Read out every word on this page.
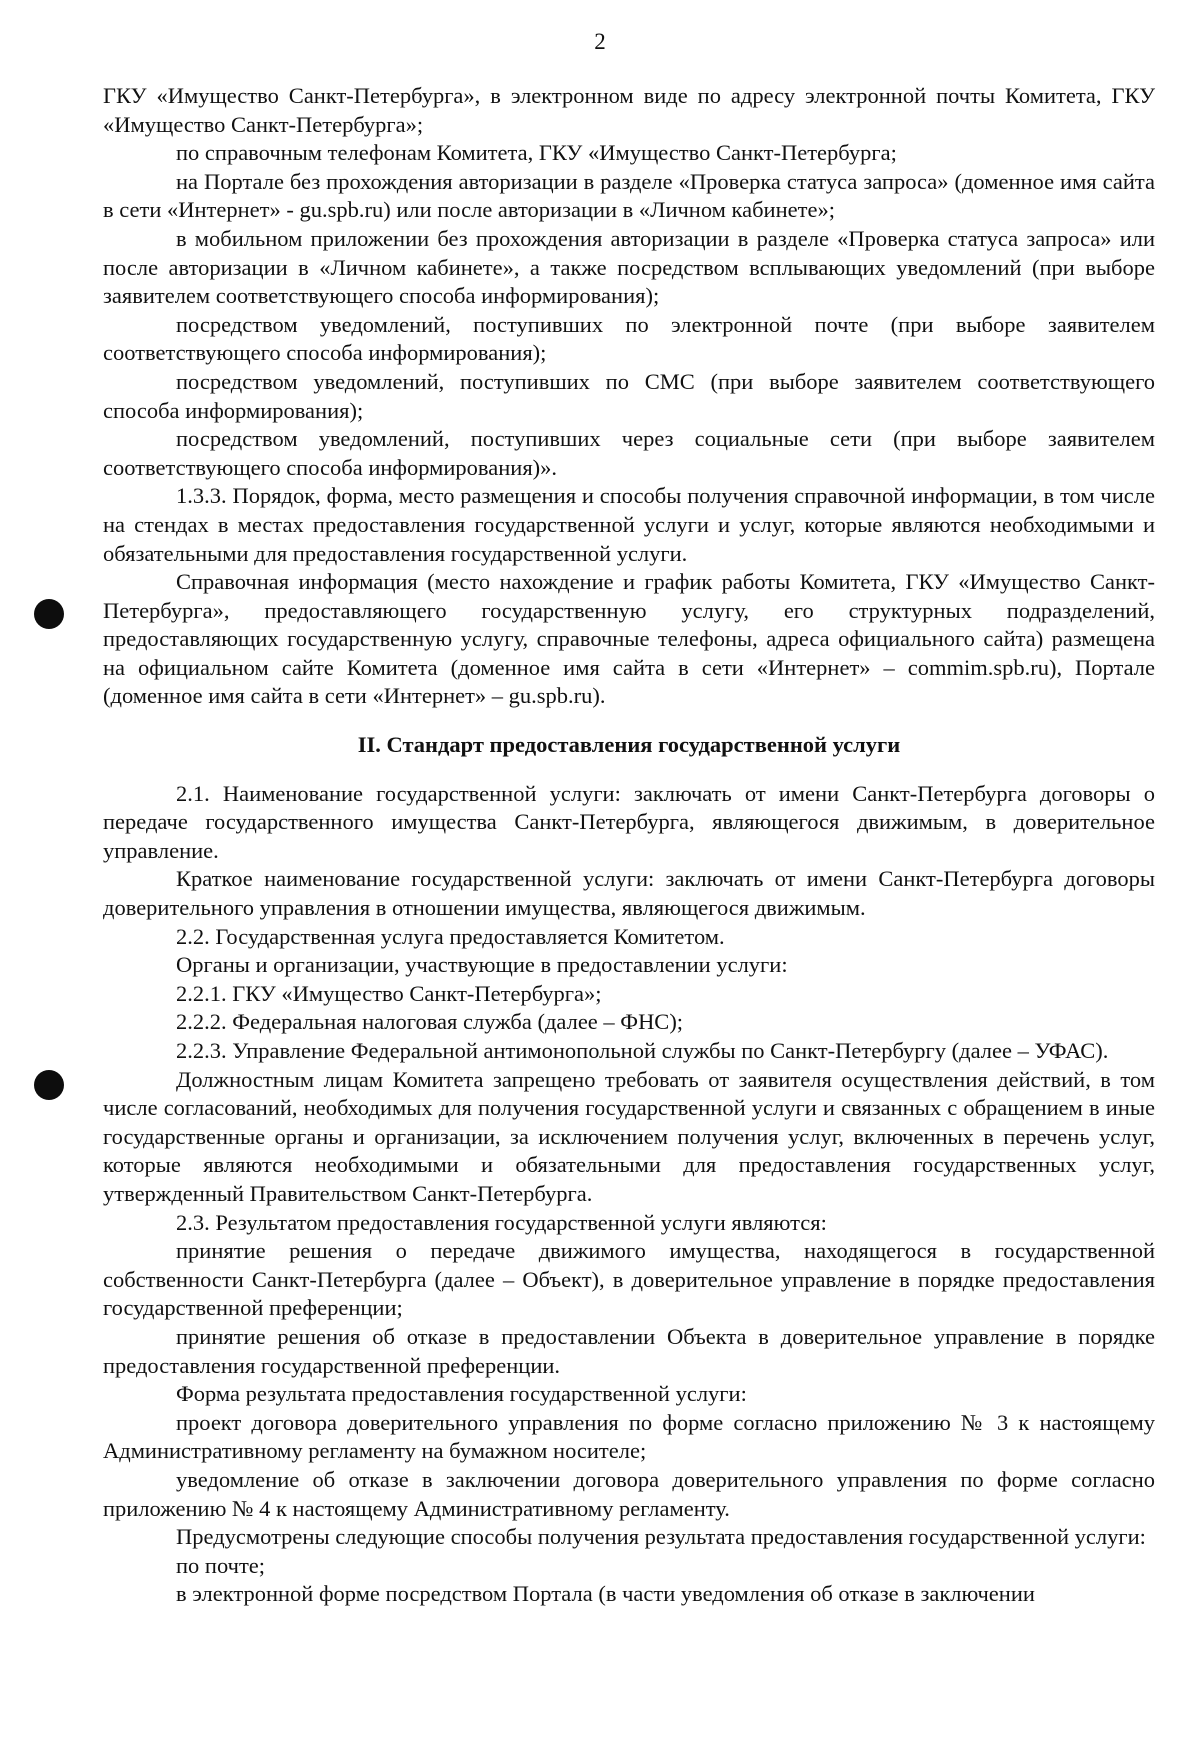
2

ГКУ «Имущество Санкт-Петербурга», в электронном виде по адресу электронной почты Комитета, ГКУ «Имущество Санкт-Петербурга»;

по справочным телефонам Комитета, ГКУ «Имущество Санкт-Петербурга;

на Портале без прохождения авторизации в разделе «Проверка статуса запроса» (доменное имя сайта в сети «Интернет» - gu.spb.ru) или после авторизации в «Личном кабинете»;

в мобильном приложении без прохождения авторизации в разделе «Проверка статуса запроса» или после авторизации в «Личном кабинете», а также посредством всплывающих уведомлений (при выборе заявителем соответствующего способа информирования);

посредством уведомлений, поступивших по электронной почте (при выборе заявителем соответствующего способа информирования);

посредством уведомлений, поступивших по СМС (при выборе заявителем соответствующего способа информирования);

посредством уведомлений, поступивших через социальные сети (при выборе заявителем соответствующего способа информирования)».

1.3.3. Порядок, форма, место размещения и способы получения справочной информации, в том числе на стендах в местах предоставления государственной услуги и услуг, которые являются необходимыми и обязательными для предоставления государственной услуги.

Справочная информация (место нахождение и график работы Комитета, ГКУ «Имущество Санкт-Петербурга», предоставляющего государственную услугу, его структурных подразделений, предоставляющих государственную услугу, справочные телефоны, адреса официального сайта) размещена на официальном сайте Комитета (доменное имя сайта в сети «Интернет» – commim.spb.ru), Портале (доменное имя сайта в сети «Интернет» – gu.spb.ru).

II. Стандарт предоставления государственной услуги

2.1. Наименование государственной услуги: заключать от имени Санкт-Петербурга договоры о передаче государственного имущества Санкт-Петербурга, являющегося движимым, в доверительное управление.

Краткое наименование государственной услуги: заключать от имени Санкт-Петербурга договоры доверительного управления в отношении имущества, являющегося движимым.

2.2. Государственная услуга предоставляется Комитетом.

Органы и организации, участвующие в предоставлении услуги:

2.2.1. ГКУ «Имущество Санкт-Петербурга»;

2.2.2. Федеральная налоговая служба (далее – ФНС);

2.2.3. Управление Федеральной антимонопольной службы по Санкт-Петербургу (далее – УФАС).

Должностным лицам Комитета запрещено требовать от заявителя осуществления действий, в том числе согласований, необходимых для получения государственной услуги и связанных с обращением в иные государственные органы и организации, за исключением получения услуг, включенных в перечень услуг, которые являются необходимыми и обязательными для предоставления государственных услуг, утвержденный Правительством Санкт-Петербурга.

2.3. Результатом предоставления государственной услуги являются:

принятие решения о передаче движимого имущества, находящегося в государственной собственности Санкт-Петербурга (далее – Объект), в доверительное управление в порядке предоставления государственной преференции;

принятие решения об отказе в предоставлении Объекта в доверительное управление в порядке предоставления государственной преференции.

Форма результата предоставления государственной услуги:

проект договора доверительного управления по форме согласно приложению № 3 к настоящему Административному регламенту на бумажном носителе;

уведомление об отказе в заключении договора доверительного управления по форме согласно приложению № 4 к настоящему Административному регламенту.

Предусмотрены следующие способы получения результата предоставления государственной услуги:

по почте;

в электронной форме посредством Портала (в части уведомления об отказе в заключении
